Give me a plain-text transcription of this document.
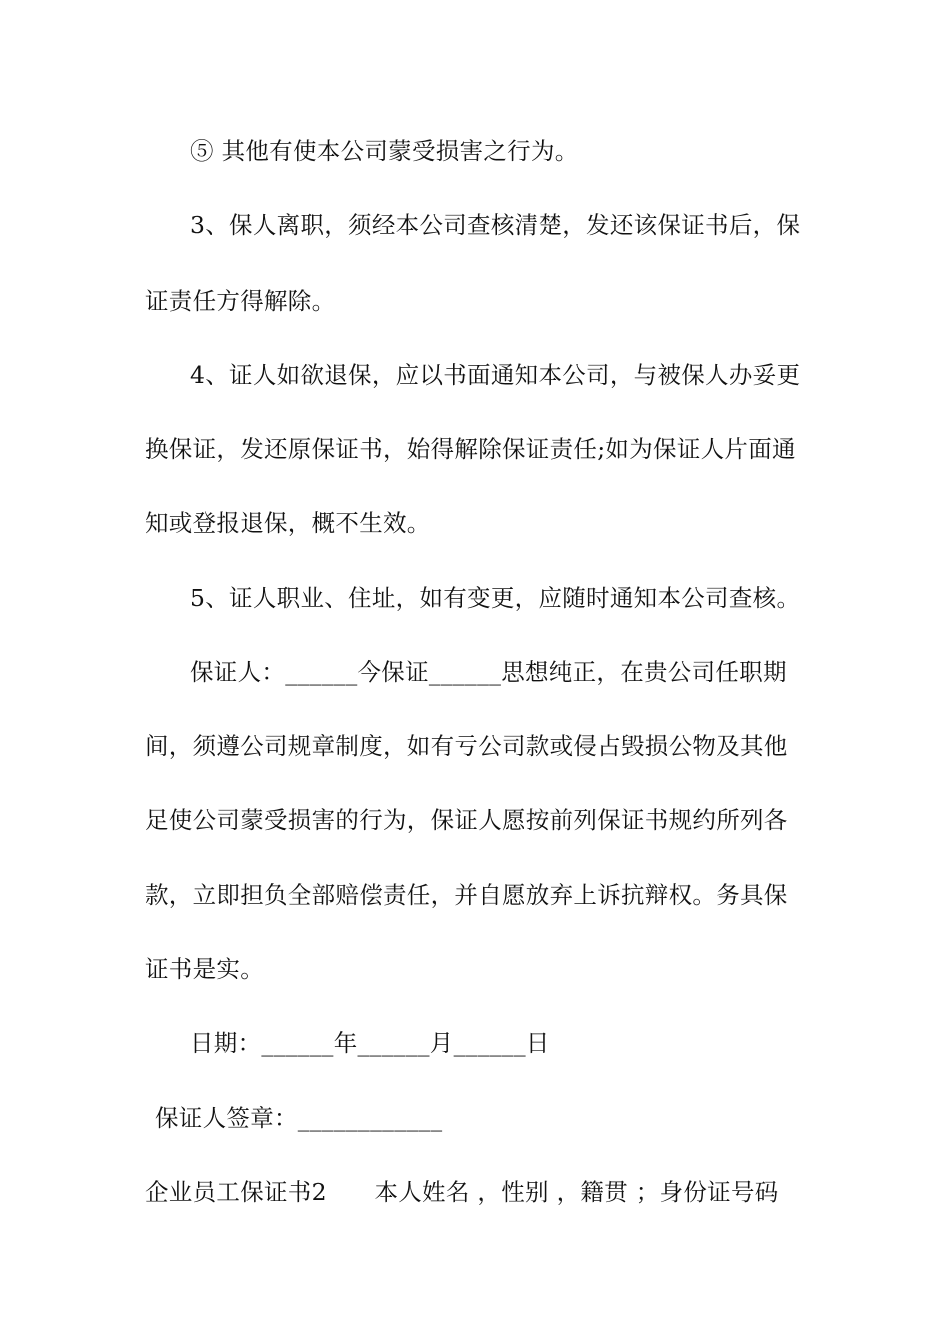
⑤ 其他有使本公司蒙受损害之行为。
3、保人离职，须经本公司查核清楚，发还该保证书后，保
证责任方得解除。
4、证人如欲退保，应以书面通知本公司，与被保人办妥更
换保证，发还原保证书，始得解除保证责任;如为保证人片面通
知或登报退保，概不生效。
5、证人职业、住址，如有变更，应随时通知本公司查核。
保证人：______今保证______思想纯正，在贵公司任职期
间，须遵公司规章制度，如有亏公司款或侵占毁损公物及其他
足使公司蒙受损害的行为，保证人愿按前列保证书规约所列各
款，立即担负全部赔偿责任，并自愿放弃上诉抗辩权。务具保
证书是实。
日期：______年______月______日
保证人签章：____________
企业员工保证书2　　本人姓名 ，性别 ，籍贯 ；身份证号码
